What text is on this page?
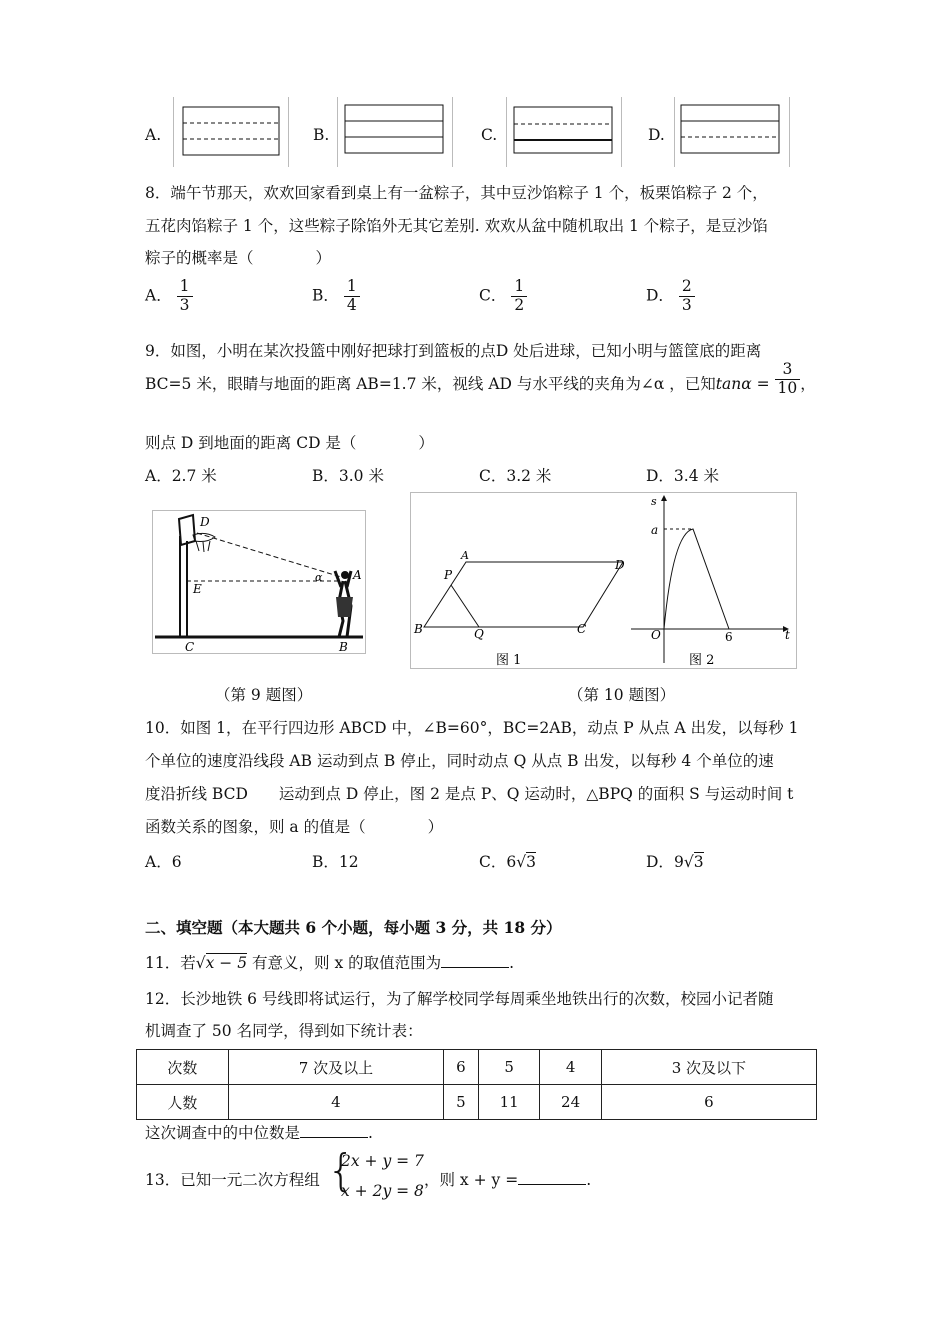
A.	B.	C.	D.
8．端午节那天，欢欢回家看到桌上有一盆粽子，其中豆沙馅粽子 1 个，板栗馅粽子 2 个，
五花肉馅粽子 1 个，这些粽子除馅外无其它差别. 欢欢从盆中随机取出 1 个粽子，是豆沙馅
粽子的概率是（　　　　）
A． $\frac{1}{3}$	B． $\frac{1}{4}$	C． $\frac{1}{2}$	D． $\frac{2}{3}$
9．如图，小明在某次投篮中刚好把球打到篮板的点D 处后进球，已知小明与篮筐底的距离
BC=5 米，眼睛与地面的距离 AB=1.7 米，视线 AD 与水平线的夹角为∠α ，已知$\tan\alpha = \frac{3}{10}$ ，
则点 D 到地面的距离 CD 是（　　　　）
A．2.7 米	B．3.0 米	C．3.2 米	D．3.4 米
D
E
C	B
A
α
（第 9 题图）
A
D
P
B	Q	C
图 1
s
a
O	6	t
图 2
（第 10 题图）
10．如图 1，在平行四边形 ABCD 中，∠B=60°，BC=2AB，动点 P 从点 A 出发，以每秒 1
个单位的速度沿线段 AB 运动到点 B 停止，同时动点 Q 从点 B 出发，以每秒 4 个单位的速
度沿折线 BCD　　运动到点 D 停止，图 2 是点 P、Q 运动时，△BPQ 的面积 S 与运动时间 t
函数关系的图象，则 a 的值是（　　　　）
A．6	B．12	C．6√3	D．9√3
二、填空题（本大题共 6 个小题，每小题 3 分，共 18 分）
11．若√x − 5 有意义，则 x 的取值范围为	.
12．长沙地铁 6 号线即将试运行，为了解学校同学每周乘坐地铁出行的次数，校园小记者随
机调查了 50 名同学，得到如下统计表：
次数	7 次及以上	6	5	4	3 次及以下
人数	4	5	11	24	6
这次调查中的中位数是	.
13．已知一元二次方程组 {
2x + y = 7
x + 2y = 8
，则 x + y =	.
